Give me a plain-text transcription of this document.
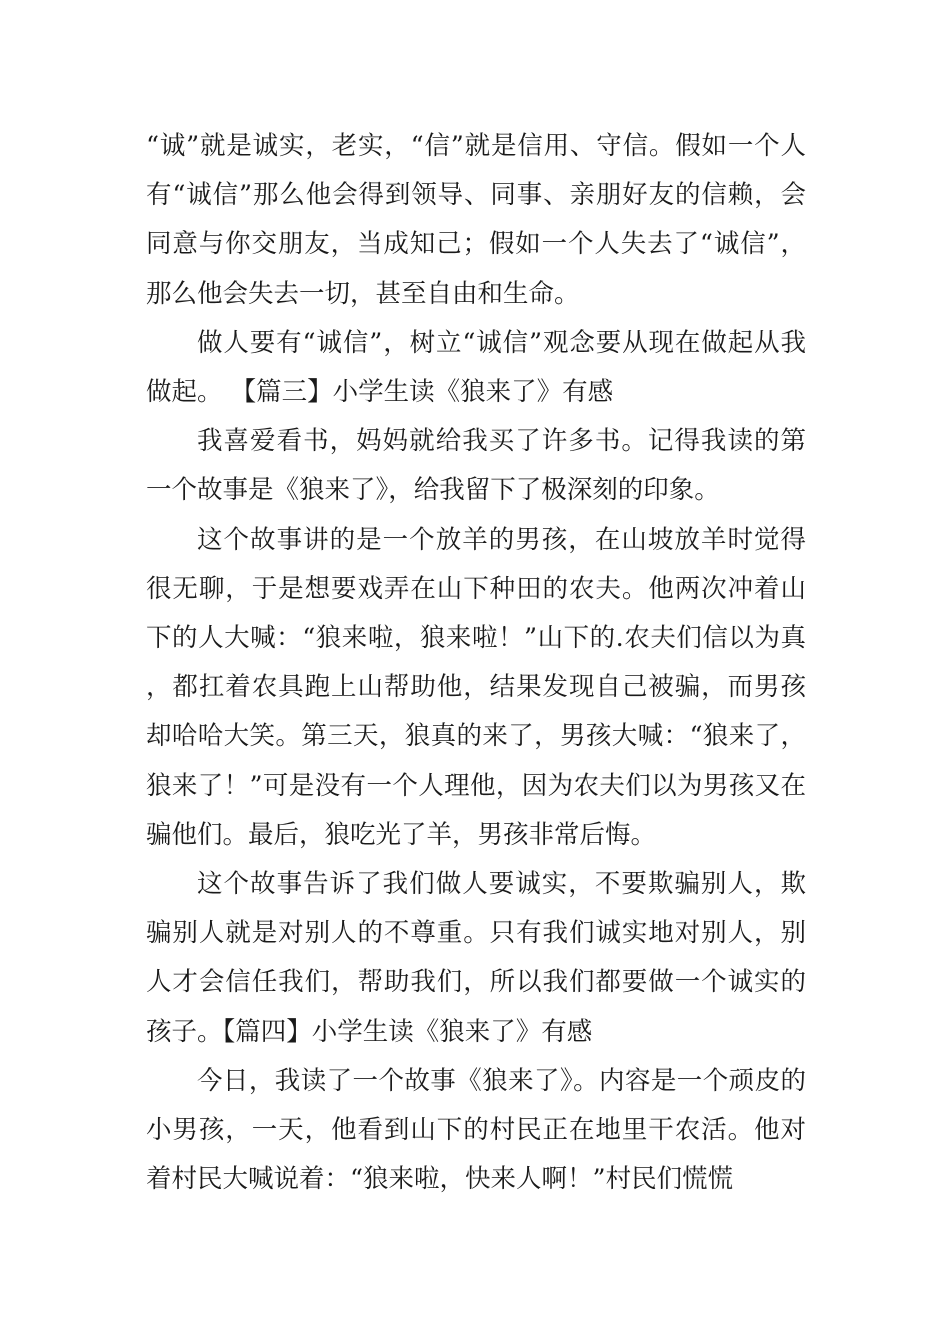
“诚”就是诚实，老实，“信”就是信用、守信。假如一个人有“诚信”那么他会得到领导、同事、亲朋好友的信赖，会同意与你交朋友，当成知己；假如一个人失去了“诚信”，那么他会失去一切，甚至自由和生命。

做人要有“诚信”，树立“诚信”观念要从现在做起从我做起。 【篇三】小学生读《狼来了》有感

我喜爱看书，妈妈就给我买了许多书。记得我读的第一个故事是《狼来了》，给我留下了极深刻的印象。

这个故事讲的是一个放羊的男孩，在山坡放羊时觉得很无聊，于是想要戏弄在山下种田的农夫。他两次冲着山下的人大喊：“狼来啦，狼来啦！”山下的.农夫们信以为真，都扛着农具跑上山帮助他，结果发现自己被骗，而男孩却哈哈大笑。第三天，狼真的来了，男孩大喊：“狼来了，狼来了！”可是没有一个人理他，因为农夫们以为男孩又在骗他们。最后，狼吃光了羊，男孩非常后悔。

这个故事告诉了我们做人要诚实，不要欺骗别人，欺骗别人就是对别人的不尊重。只有我们诚实地对别人，别人才会信任我们，帮助我们，所以我们都要做一个诚实的孩子。【篇四】小学生读《狼来了》有感

今日，我读了一个故事《狼来了》。内容是一个顽皮的小男孩，一天，他看到山下的村民正在地里干农活。他对着村民大喊说着：“狼来啦，快来人啊！”村民们慌慌
